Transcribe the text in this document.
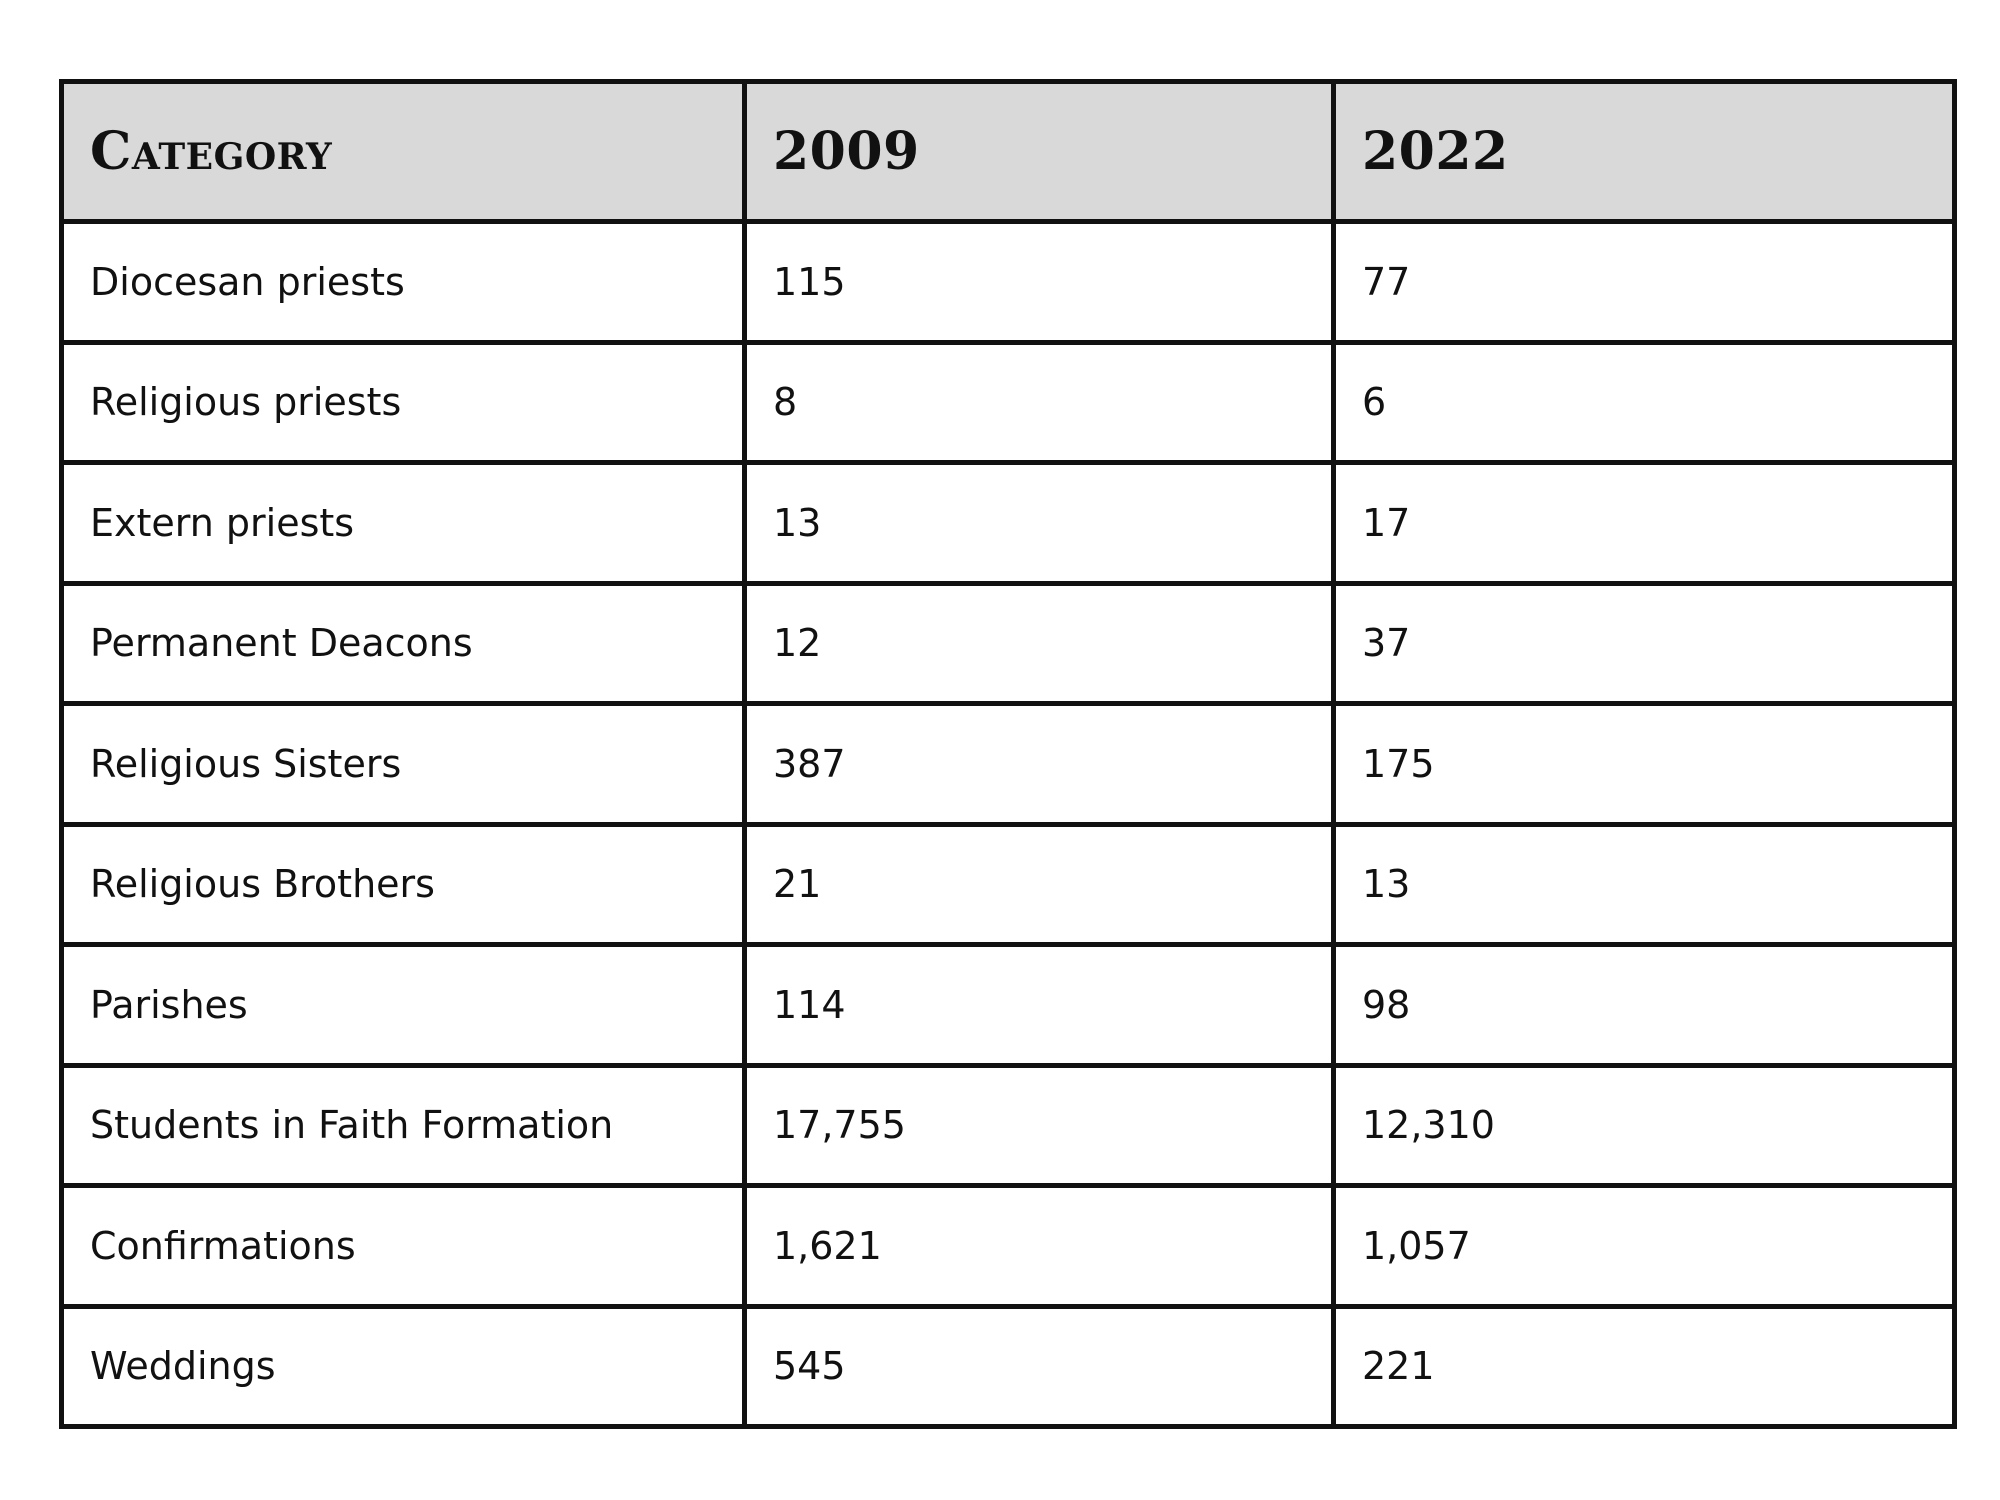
Category	2009	2022
Diocesan priests	115	77
Religious priests	8	6
Extern priests	13	17
Permanent Deacons	12	37
Religious Sisters	387	175
Religious Brothers	21	13
Parishes	114	98
Students in Faith Formation	17,755	12,310
Confirmations	1,621	1,057
Weddings	545	221
